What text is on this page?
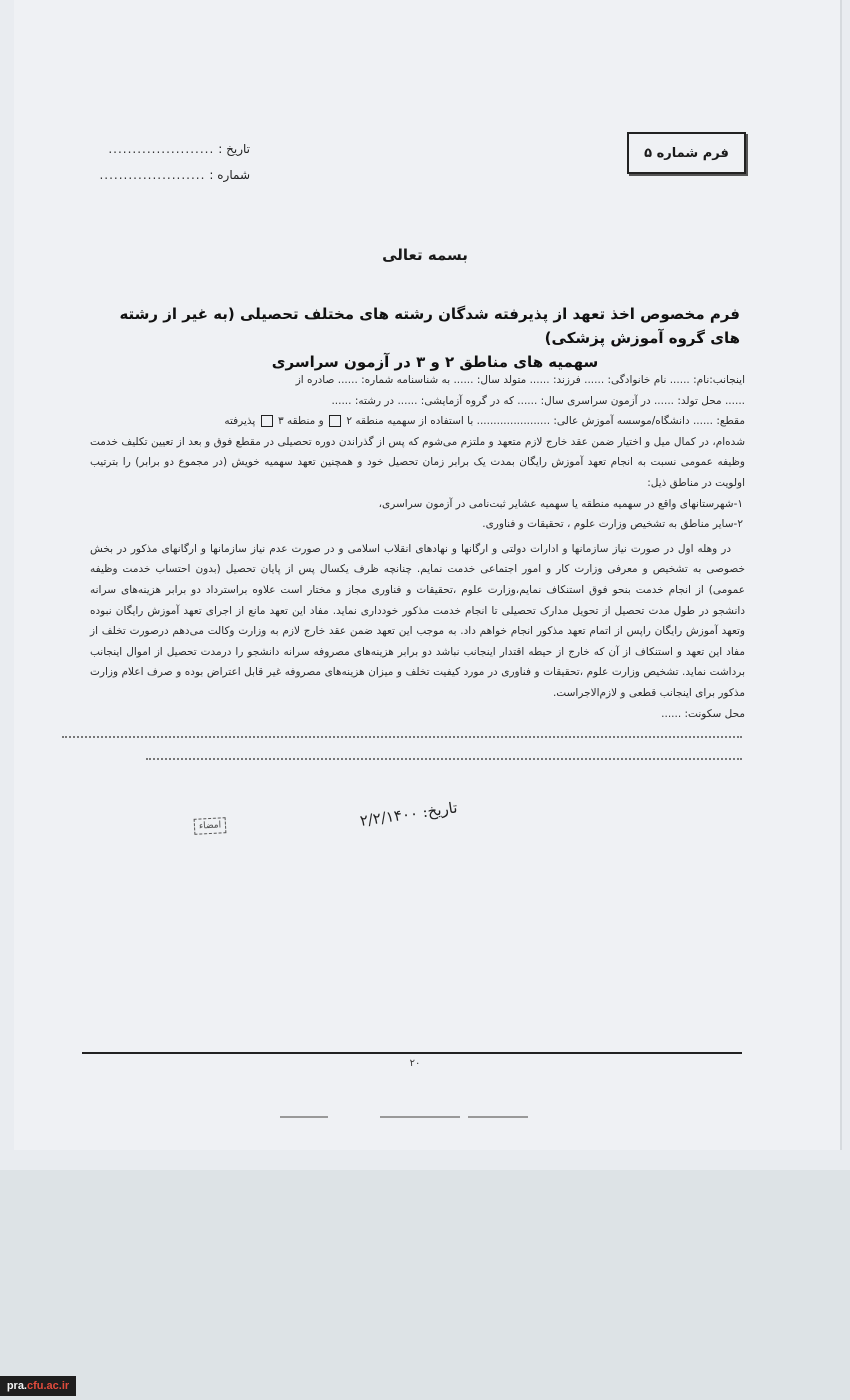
فرم شماره ۵
تاریخ :
......................
شماره :
......................
بسمه تعالی
فرم مخصوص اخذ تعهد از پذیرفته شدگان رشته های مختلف تحصیلی (به غیر از رشته های گروه آموزش پزشکی)
سهمیه های مناطق ۲ و ۳ در آزمون سراسری

اینجانب:نام: ...... نام خانوادگی: ...... فرزند: ...... متولد سال: ...... به شناسنامه شماره: ...... صادره از

...... محل تولد: ...... در آزمون سراسری سال: ...... که در گروه آزمایشی: ...... در رشته: ......

مقطع: ...... دانشگاه/موسسه آموزش عالی: ...................... با استفاده از سهمیه منطقه ۲  و منطقه ۳  پذیرفته

شده‌ام، در کمال میل و اختیار ضمن عقد خارج لازم متعهد و ملتزم می‌شوم که پس از گذراندن دوره تحصیلی در مقطع فوق و بعد از تعیین تکلیف خدمت وظیفه عمومی نسبت به انجام تعهد آموزش رایگان بمدت یک برابر زمان تحصیل خود و همچنین تعهد سهمیه خویش (در مجموع دو برابر) را بترتیب اولویت در مناطق ذیل:

۱-شهرستانهای واقع در سهمیه منطقه یا سهمیه عشایر ثبت‌نامی در آزمون سراسری،

۲-سایر مناطق به تشخیص وزارت علوم ، تحقیقات و فناوری.

در وهله اول در صورت نیاز سازمانها و ادارات دولتی و ارگانها و نهادهای انقلاب اسلامی و در صورت عدم نیاز سازمانها و ارگانهای مذکور در بخش خصوصی به تشخیص و معرفی وزارت کار و امور اجتماعی خدمت نمایم. چنانچه ظرف یکسال پس از پایان تحصیل (بدون احتساب خدمت وظیفه عمومی) از انجام خدمت بنحو فوق استنکاف نمایم،وزارت علوم ،تحقیقات و فناوری مجاز و مختار است علاوه براسترداد دو برابر هزینه‌های سرانه دانشجو در طول مدت تحصیل از تحویل مدارک تحصیلی تا انجام خدمت مذکور خودداری نماید. مفاد این تعهد مانع از اجرای تعهد آموزش رایگان نبوده وتعهد آموزش رایگان راپس از اتمام تعهد مذکور انجام خواهم داد. به موجب این تعهد ضمن عقد خارج لازم به وزارت وکالت می‌دهم درصورت تخلف از مفاد این تعهد و استنکاف از آن که خارج از حیطه اقتدار اینجانب نباشد دو برابر هزینه‌های مصروفه سرانه دانشجو را درمدت تحصیل از اموال اینجانب برداشت نماید. تشخیص وزارت علوم ،تحقیقات و فناوری در مورد کیفیت تخلف و میزان هزینه‌های مصروفه غیر قابل اعتراض بوده و صرف اعلام وزارت مذکور برای اینجانب قطعی و لازم‌الاجراست.

محل سکونت: ......

امضاء	تاریخ: ۲/۲/۱۴۰۰
۲۰
pra. cfu.ac.ir
